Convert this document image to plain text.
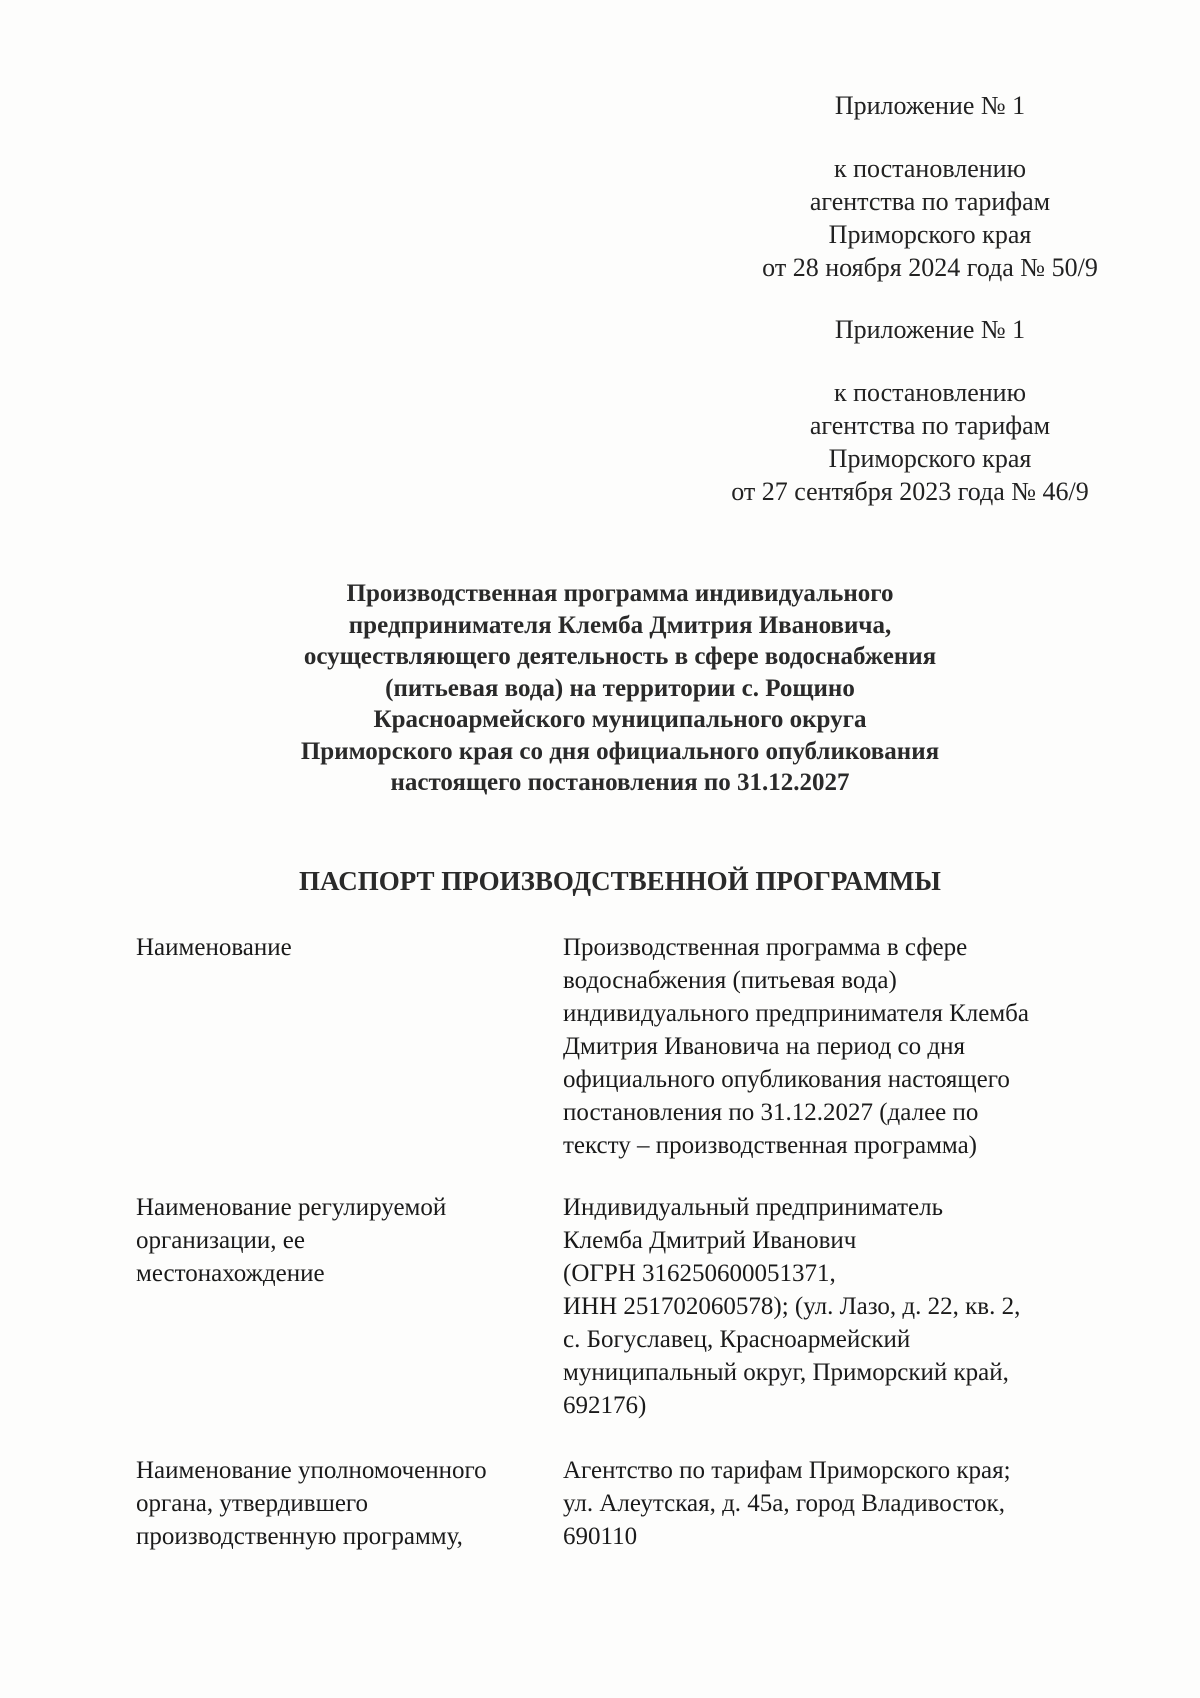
Приложение № 1
к постановлению
агентства по тарифам
Приморского края
от 28 ноября 2024 года № 50/9
Приложение № 1
к постановлению
агентства по тарифам
Приморского края
от 27 сентября 2023 года № 46/9
Производственная программа индивидуального
предпринимателя Клемба Дмитрия Ивановича,
осуществляющего деятельность в сфере водоснабжения
(питьевая вода) на территории с. Рощино
Красноармейского муниципального округа
Приморского края со дня официального опубликования
настоящего постановления по 31.12.2027
ПАСПОРТ ПРОИЗВОДСТВЕННОЙ ПРОГРАММЫ
Наименование	Производственная программа в сфере
водоснабжения (питьевая вода)
индивидуального предпринимателя Клемба
Дмитрия Ивановича на период со дня
официального опубликования настоящего
постановления по 31.12.2027 (далее по
тексту – производственная программа)
Наименование регулируемой
организации, ее
местонахождение
Индивидуальный предприниматель
Клемба Дмитрий Иванович
(ОГРН 316250600051371,
ИНН 251702060578); (ул. Лазо, д. 22, кв. 2,
с. Богуславец, Красноармейский
муниципальный округ, Приморский край,
692176)
Наименование уполномоченного
органа, утвердившего
производственную программу,
Агентство по тарифам Приморского края;
ул. Алеутская, д. 45а, город Владивосток,
690110
